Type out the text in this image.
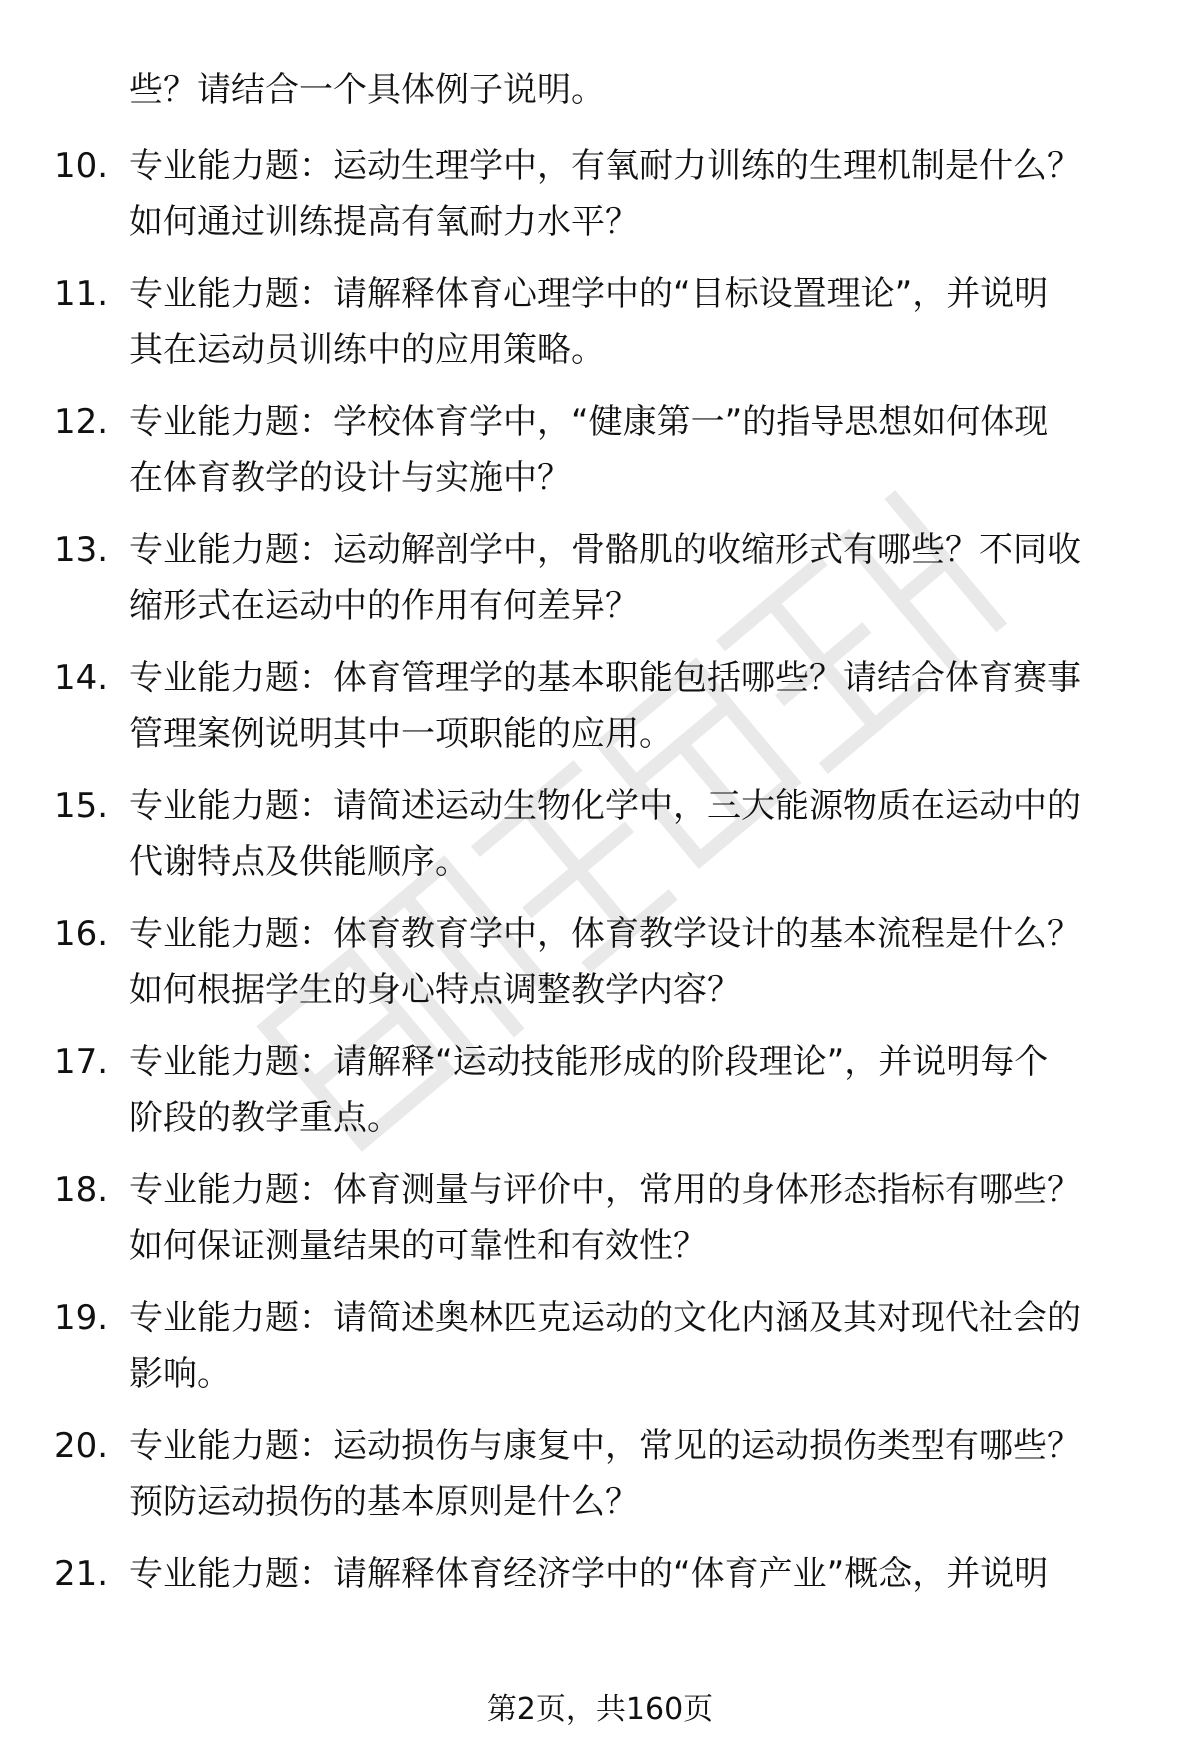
些？请结合一个具体例子说明。
10. 专业能力题：运动生理学中，有氧耐力训练的生理机制是什么？
如何通过训练提高有氧耐力水平？
11. 专业能力题：请解释体育心理学中的“目标设置理论”，并说明
其在运动员训练中的应用策略。
12. 专业能力题：学校体育学中，“健康第一”的指导思想如何体现
在体育教学的设计与实施中？
13. 专业能力题：运动解剖学中，骨骼肌的收缩形式有哪些？不同收
缩形式在运动中的作用有何差异？
14. 专业能力题：体育管理学的基本职能包括哪些？请结合体育赛事
管理案例说明其中一项职能的应用。
15. 专业能力题：请简述运动生物化学中，三大能源物质在运动中的
代谢特点及供能顺序。
16. 专业能力题：体育教育学中，体育教学设计的基本流程是什么？
如何根据学生的身心特点调整教学内容？
17. 专业能力题：请解释“运动技能形成的阶段理论”，并说明每个
阶段的教学重点。
18. 专业能力题：体育测量与评价中，常用的身体形态指标有哪些？
如何保证测量结果的可靠性和有效性？
19. 专业能力题：请简述奥林匹克运动的文化内涵及其对现代社会的
影响。
20. 专业能力题：运动损伤与康复中，常见的运动损伤类型有哪些？
预防运动损伤的基本原则是什么？
21. 专业能力题：请解释体育经济学中的“体育产业”概念，并说明
第2页，共160页
